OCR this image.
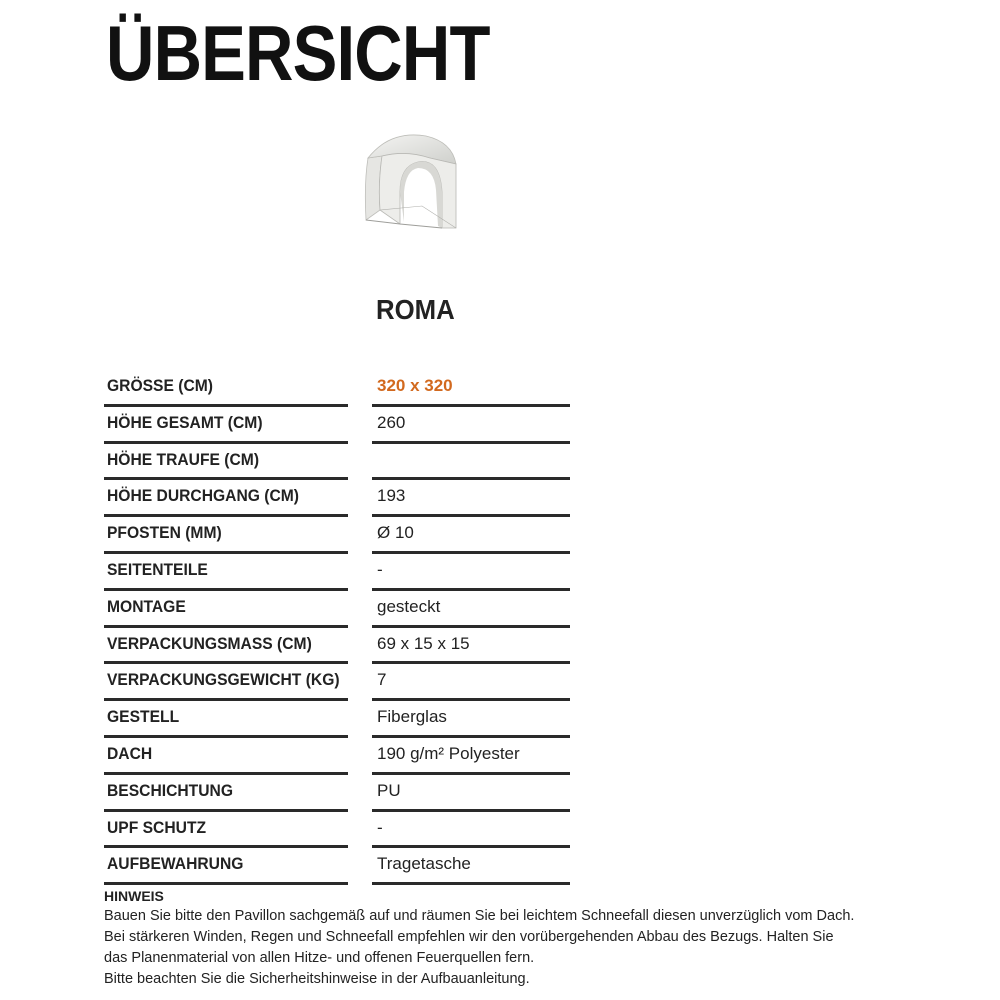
ÜBERSICHT
ROMA
GRÖSSE (CM)	320 x 320
HÖHE GESAMT (CM)	260
HÖHE TRAUFE (CM)
HÖHE DURCHGANG (CM)	193
PFOSTEN (MM)	Ø 10
SEITENTEILE	-
MONTAGE	gesteckt
VERPACKUNGSMASS (CM)	69 x 15 x 15
VERPACKUNGSGEWICHT (KG) 7
GESTELL	Fiberglas
DACH	190 g/m² Polyester
BESCHICHTUNG	PU
UPF SCHUTZ	-
AUFBEWAHRUNG	Tragetasche
HINWEIS
Bauen Sie bitte den Pavillon sachgemäß auf und räumen Sie bei leichtem Schneefall diesen unverzüglich vom Dach.
Bei stärkeren Winden, Regen und Schneefall empfehlen wir den vorübergehenden Abbau des Bezugs. Halten Sie
das Planenmaterial von allen Hitze- und offenen Feuerquellen fern.
Bitte beachten Sie die Sicherheitshinweise in der Aufbauanleitung.
